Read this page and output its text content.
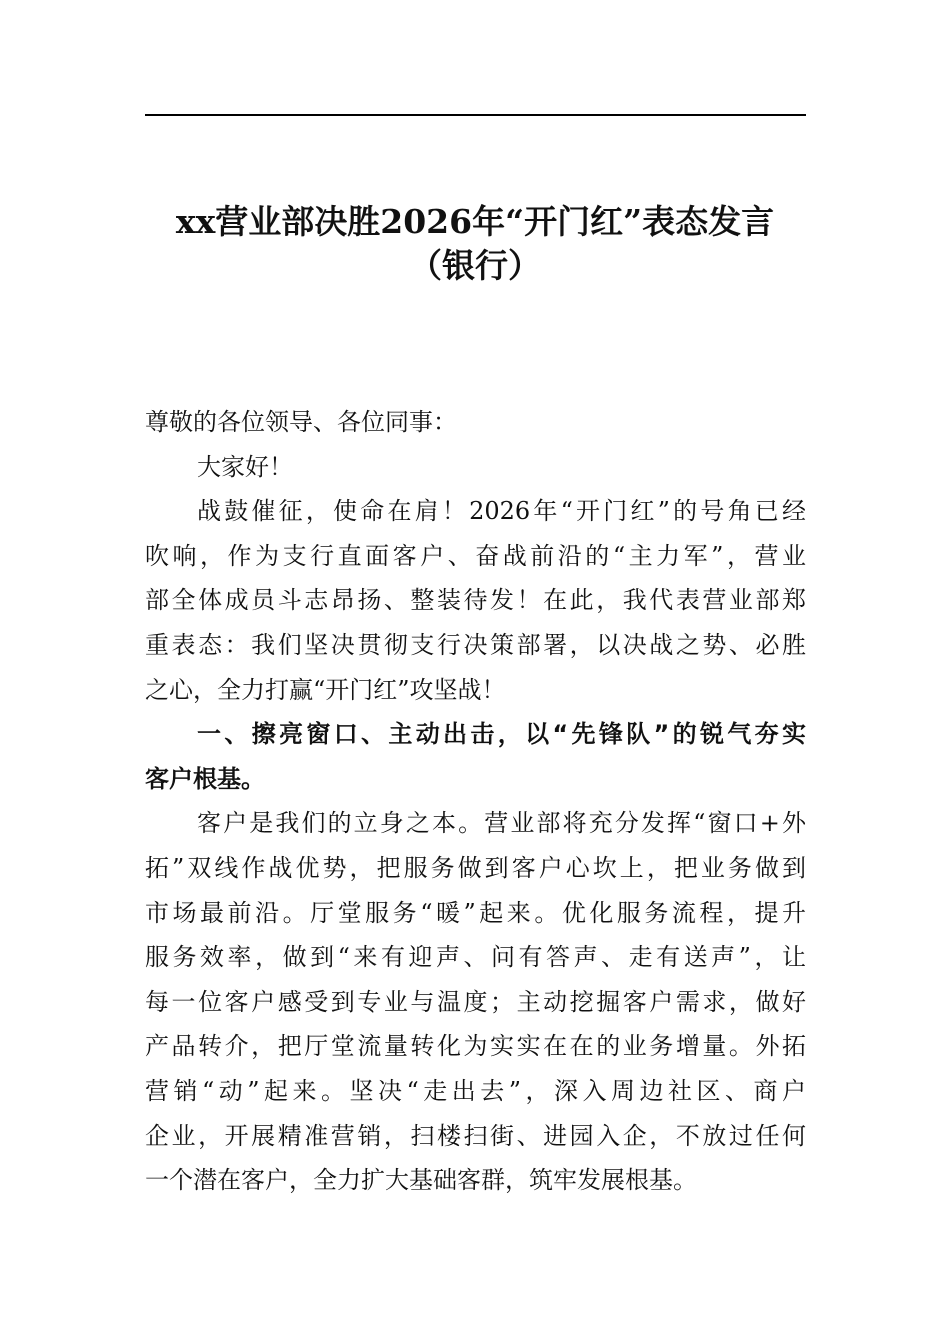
xx营业部决胜2026年“开门红”表态发言
（银行）
尊敬的各位领导、各位同事：
大家好！
战鼓催征，使命在肩！2026年“开门红”的号角已经
吹响，作为支行直面客户、奋战前沿的“主力军”，营业
部全体成员斗志昂扬、整装待发！在此，我代表营业部郑
重表态：我们坚决贯彻支行决策部署，以决战之势、必胜
之心，全力打赢“开门红”攻坚战！
一、擦亮窗口、主动出击，以“先锋队”的锐气夯实
客户根基。
客户是我们的立身之本。营业部将充分发挥“窗口+外
拓”双线作战优势，把服务做到客户心坎上，把业务做到
市场最前沿。厅堂服务“暖”起来。优化服务流程，提升
服务效率，做到“来有迎声、问有答声、走有送声”，让
每一位客户感受到专业与温度；主动挖掘客户需求，做好
产品转介，把厅堂流量转化为实实在在的业务增量。外拓
营销“动”起来。坚决“走出去”，深入周边社区、商户
企业，开展精准营销，扫楼扫街、进园入企，不放过任何
一个潜在客户，全力扩大基础客群，筑牢发展根基。
